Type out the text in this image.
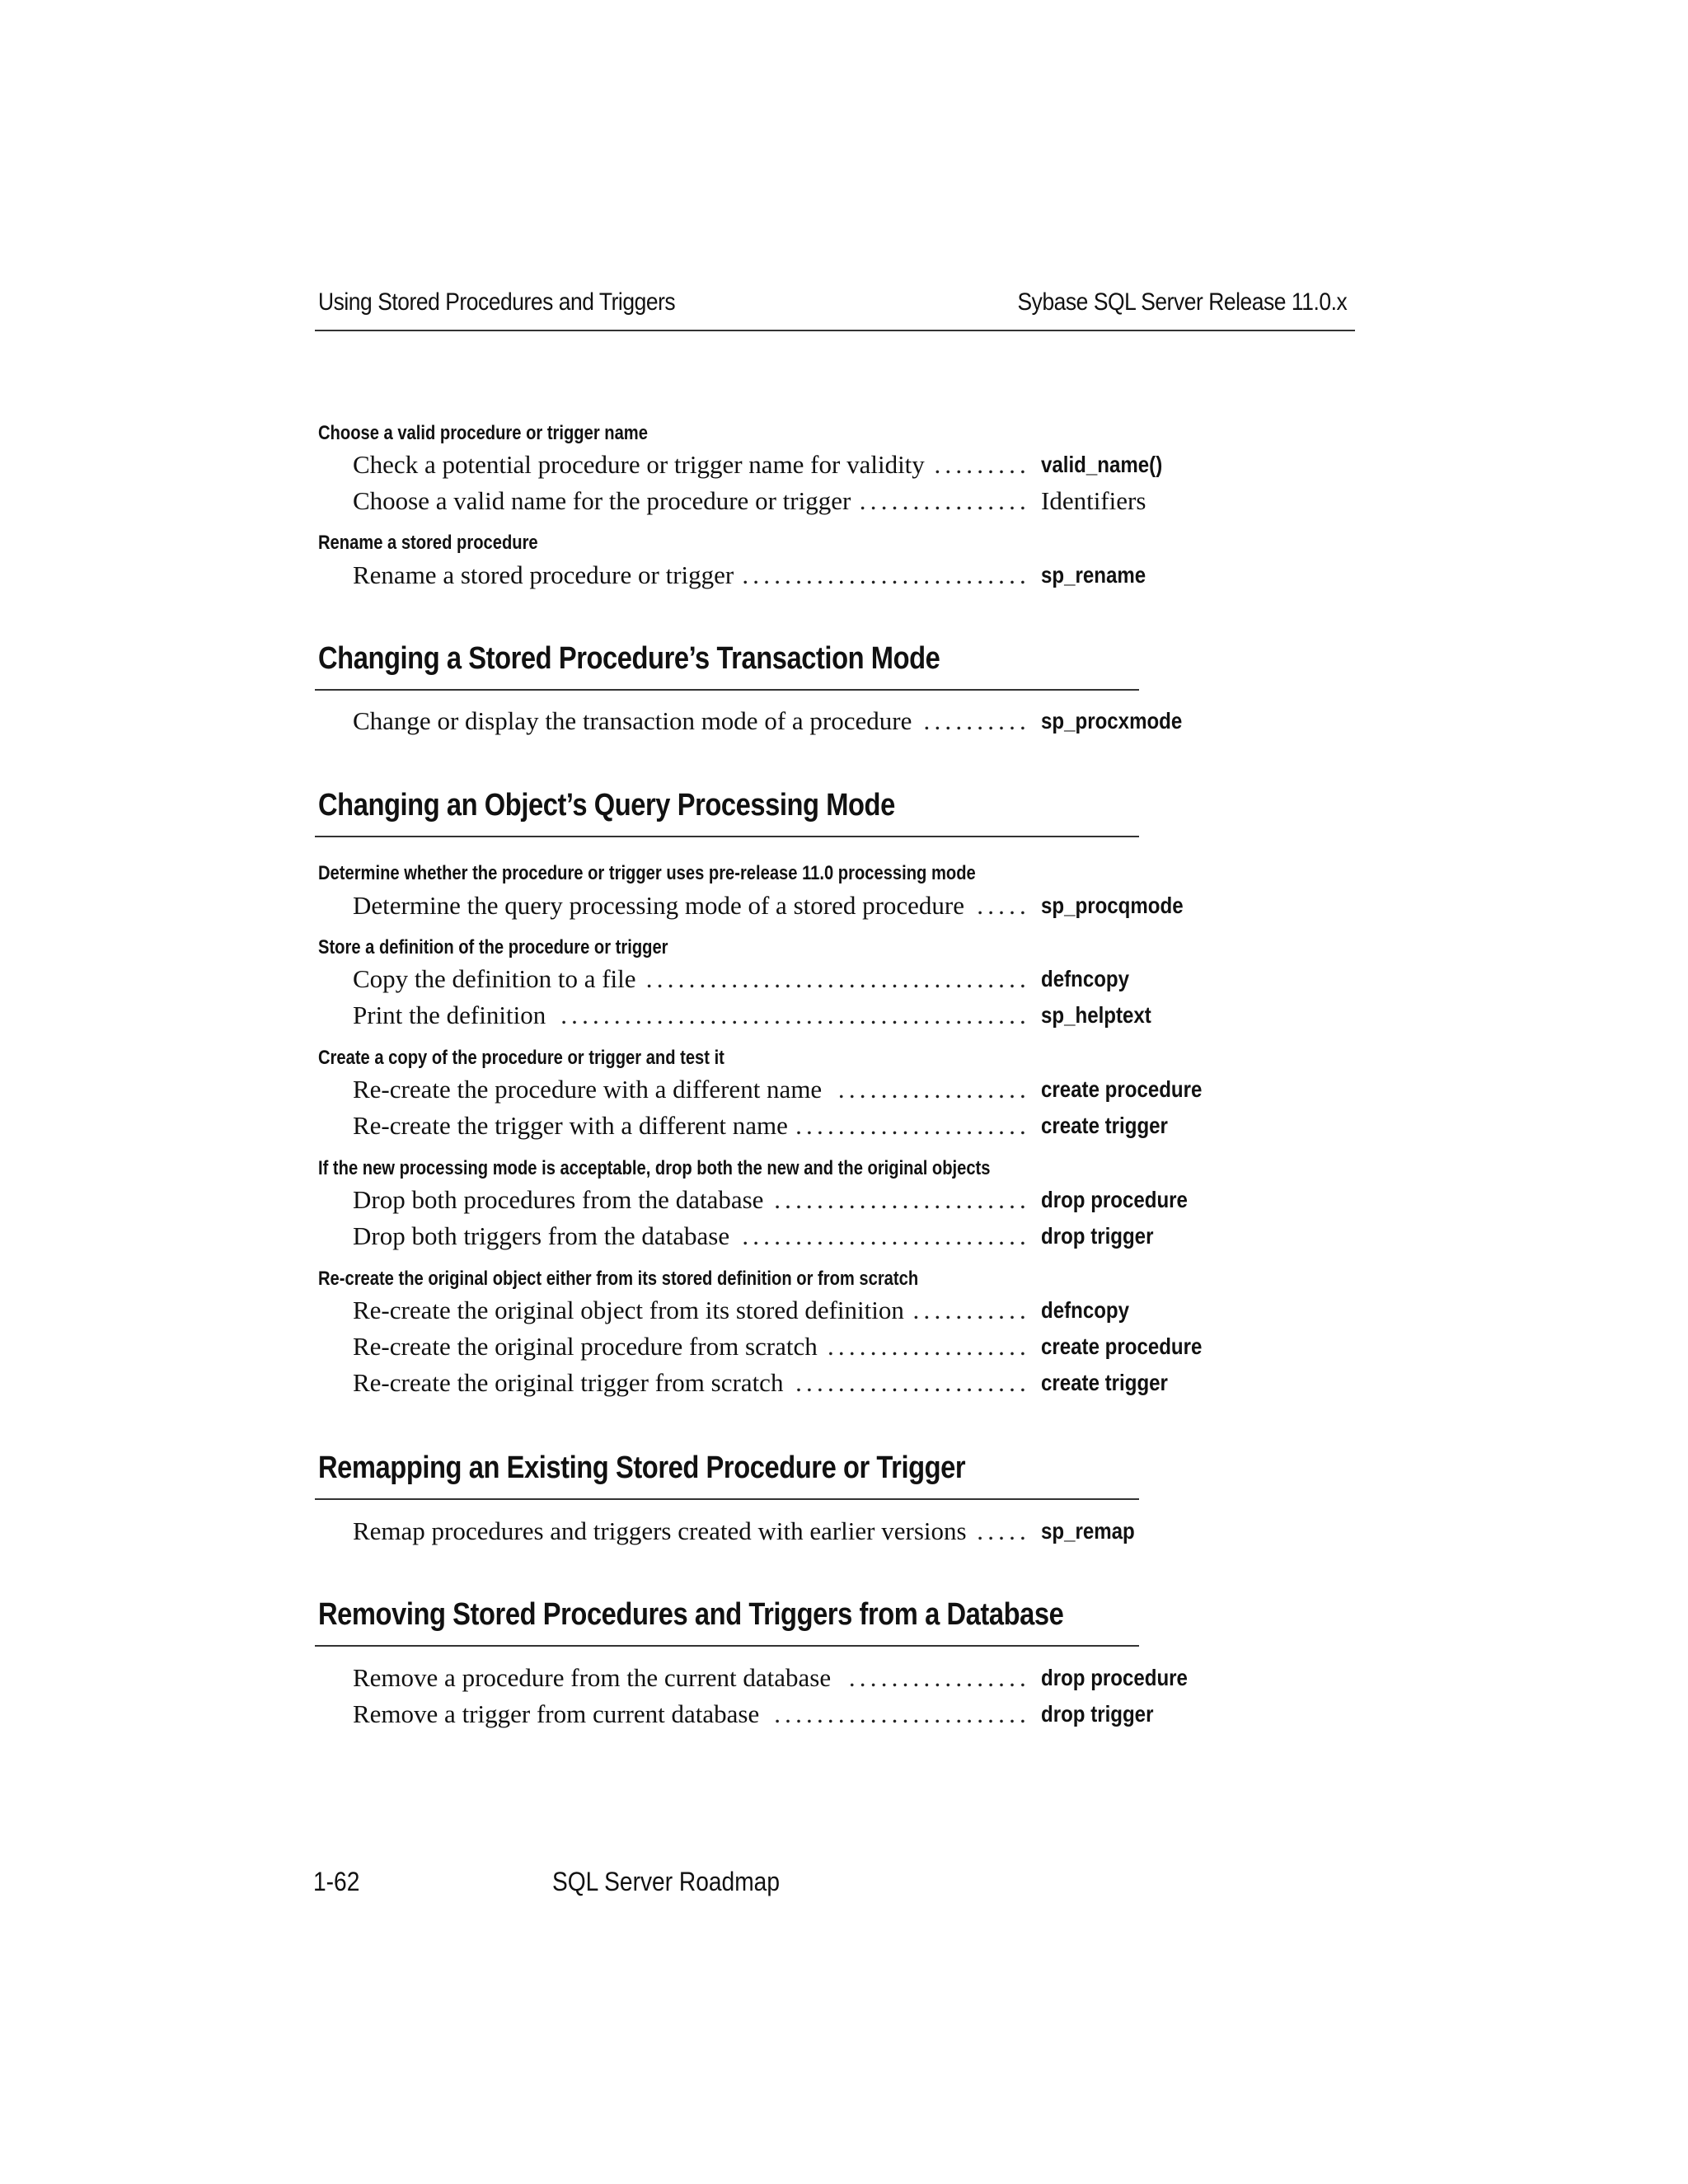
Using Stored Procedures and Triggers	Sybase SQL Server Release 11.0.x
Choose a valid procedure or trigger name
Check a potential procedure or trigger name for validity	valid_name()
.........
Choose a valid name for the procedure or trigger	Identifiers
................
Rename a stored procedure
Rename a stored procedure or trigger	sp_rename
...........................
Changing a Stored Procedure’s Transaction Mode
Change or display the transaction mode of a procedure	sp_procxmode
..........
Changing an Object’s Query Processing Mode
Determine whether the procedure or trigger uses pre-release 11.0 processing mode
Determine the query processing mode of a stored procedure	sp_procqmode
.....
Store a definition of the procedure or trigger
Copy the definition to a file	defncopy
....................................
Print the definition	sp_helptext
............................................
Create a copy of the procedure or trigger and test it
Re-create the procedure with a different name	create procedure
..................
Re-create the trigger with a different name	create trigger
......................
If the new processing mode is acceptable, drop both the new and the original objects
Drop both procedures from the database	drop procedure
........................
Drop both triggers from the database	drop trigger
...........................
Re-create the original object either from its stored definition or from scratch
Re-create the original object from its stored definition	defncopy
...........
Re-create the original procedure from scratch	create procedure
...................
Re-create the original trigger from scratch	create trigger
......................
Remapping an Existing Stored Procedure or Trigger
Remap procedures and triggers created with earlier versions	sp_remap
.....
Removing Stored Procedures and Triggers from a Database
Remove a procedure from the current database	drop procedure
.................
Remove a trigger from current database	drop trigger
........................
1-62	SQL Server Roadmap
